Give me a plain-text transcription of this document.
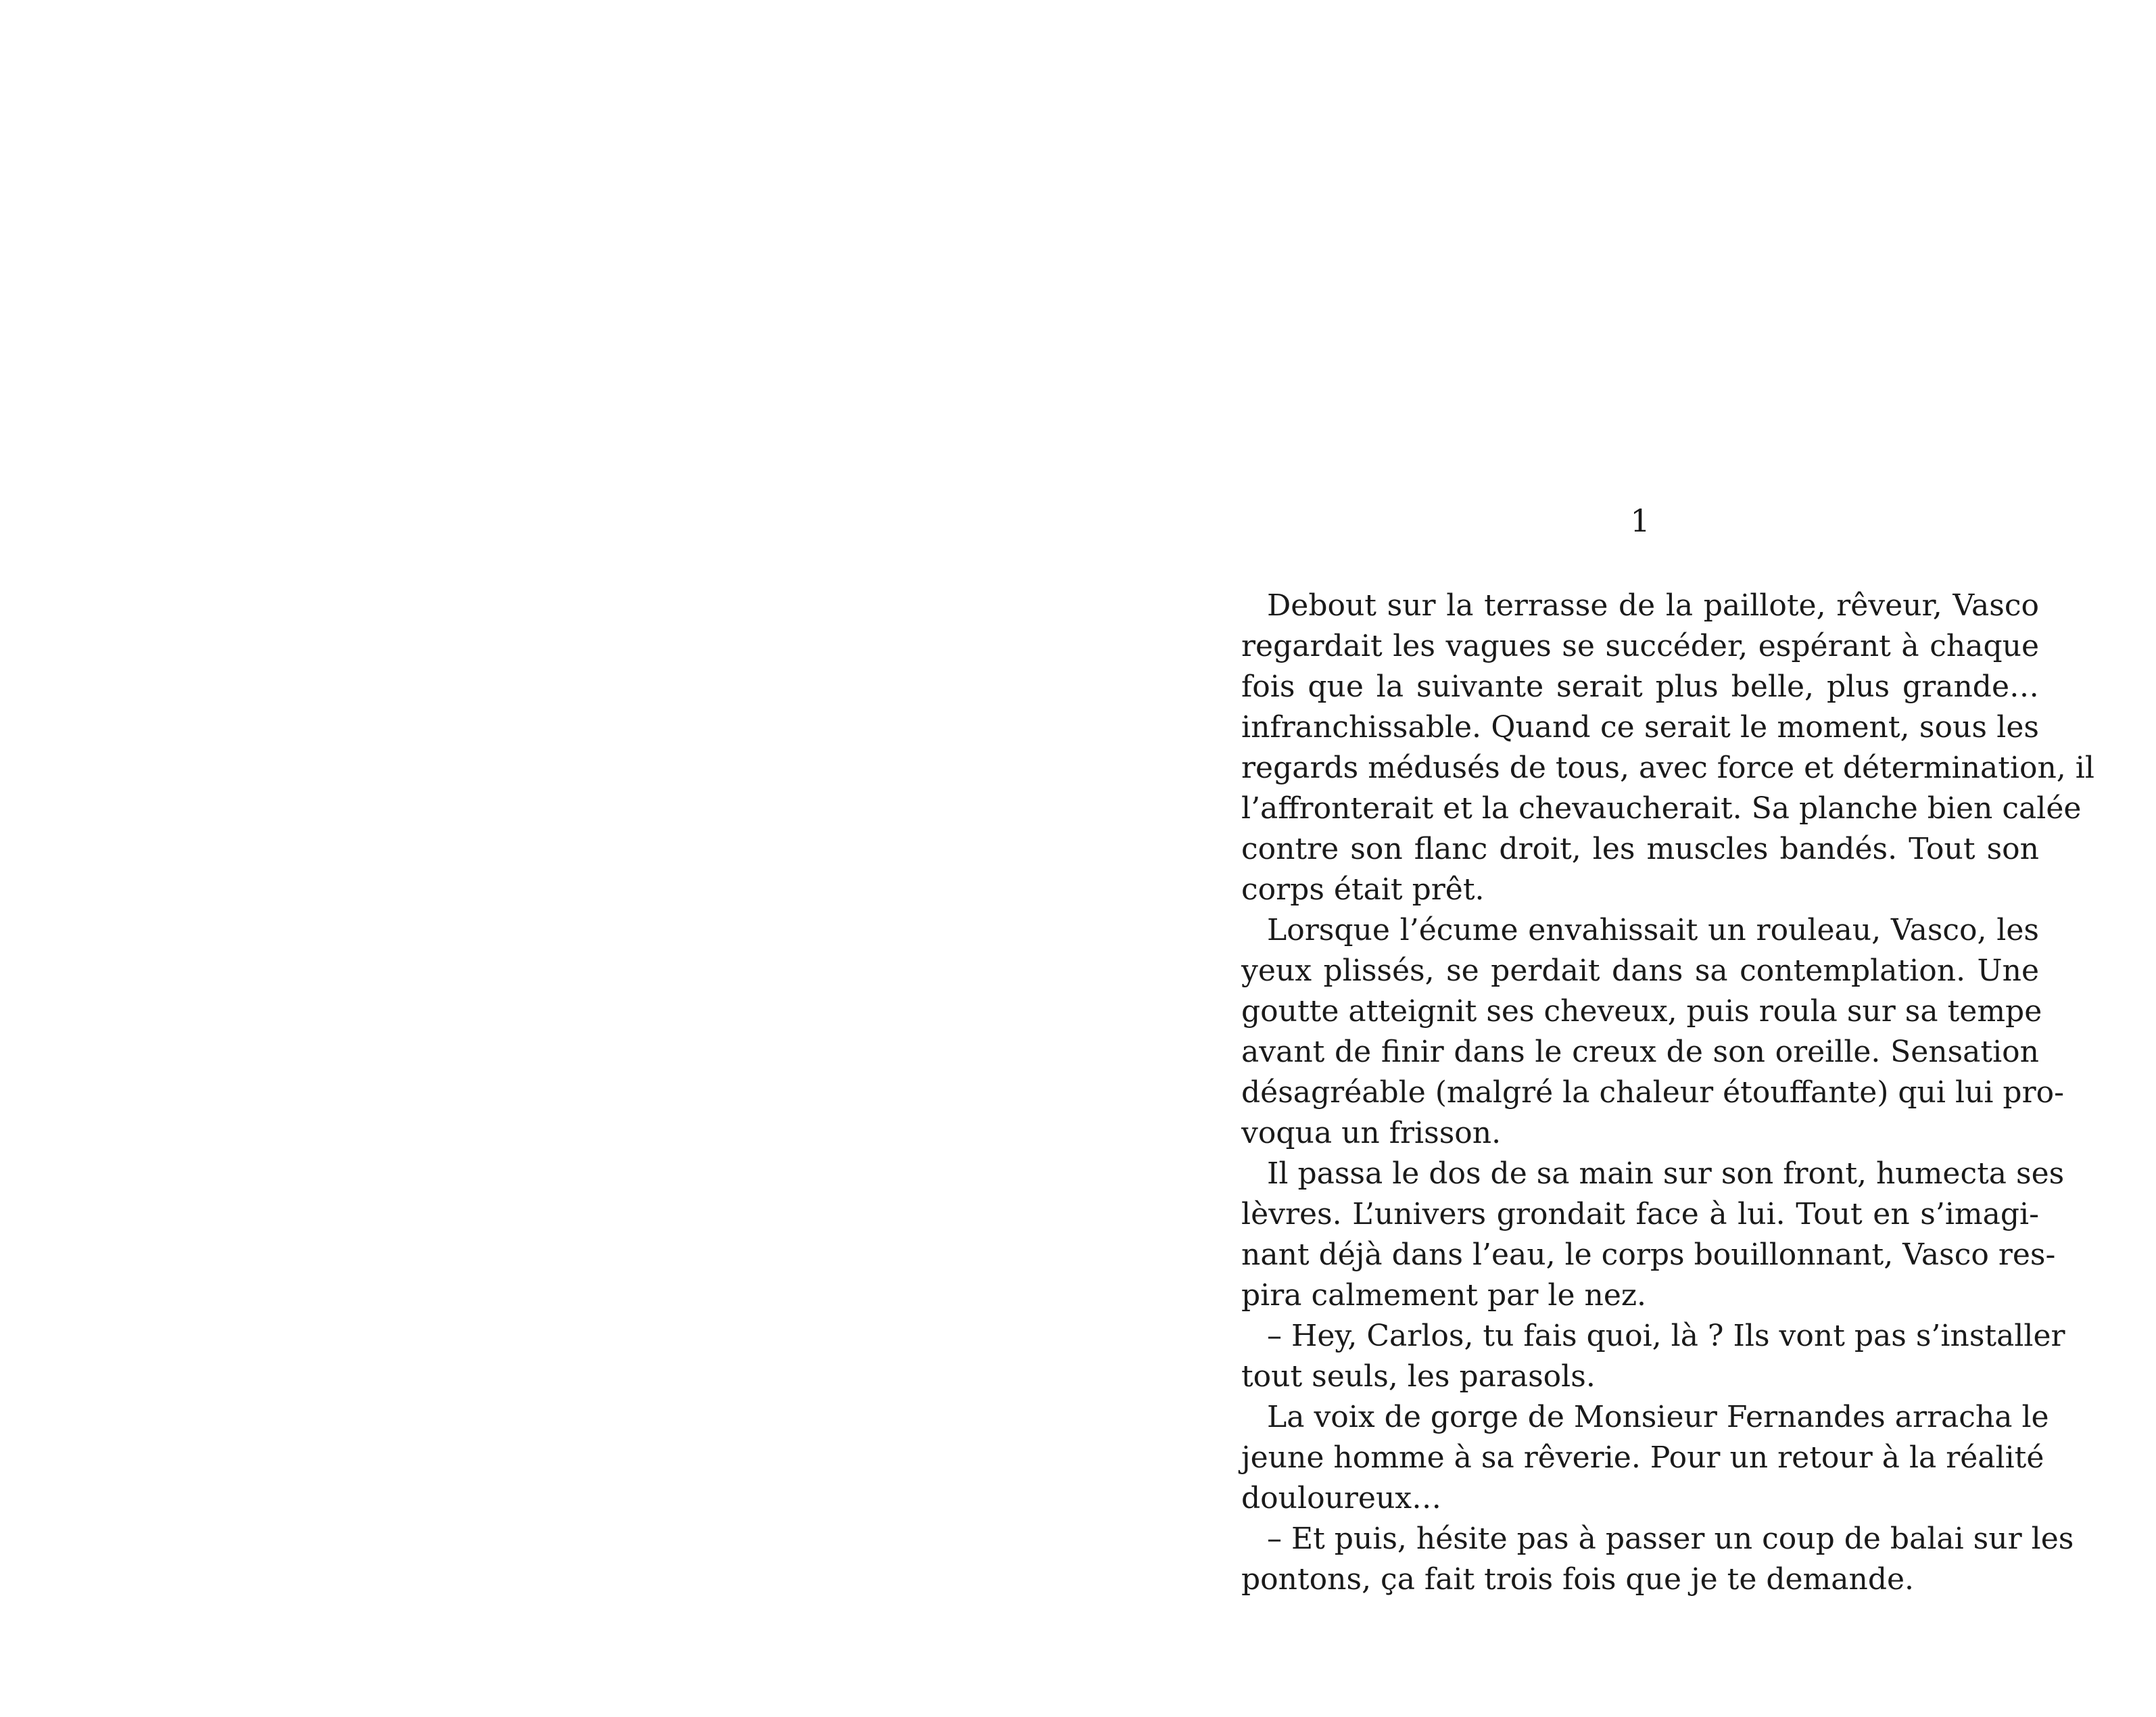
1
Debout sur la terrasse de la paillote, rêveur, Vasco
regardait les vagues se succéder, espérant à chaque
fois que la suivante serait plus belle, plus grande…
infranchissable. Quand ce serait le moment, sous les
regards médusés de tous, avec force et détermination, il
l’affronterait et la chevaucherait. Sa planche bien calée
contre son flanc droit, les muscles bandés. Tout son
corps était prêt.
Lorsque l’écume envahissait un rouleau, Vasco, les
yeux plissés, se perdait dans sa contemplation. Une
goutte atteignit ses cheveux, puis roula sur sa tempe
avant de finir dans le creux de son oreille. Sensation
désagréable (malgré la chaleur étouffante) qui lui pro-
voqua un frisson.
Il passa le dos de sa main sur son front, humecta ses
lèvres. L’univers grondait face à lui. Tout en s’imagi-
nant déjà dans l’eau, le corps bouillonnant, Vasco res-
pira calmement par le nez.
– Hey, Carlos, tu fais quoi, là ? Ils vont pas s’installer
tout seuls, les parasols.
La voix de gorge de Monsieur Fernandes arracha le
jeune homme à sa rêverie. Pour un retour à la réalité
douloureux…
– Et puis, hésite pas à passer un coup de balai sur les
pontons, ça fait trois fois que je te demande.
